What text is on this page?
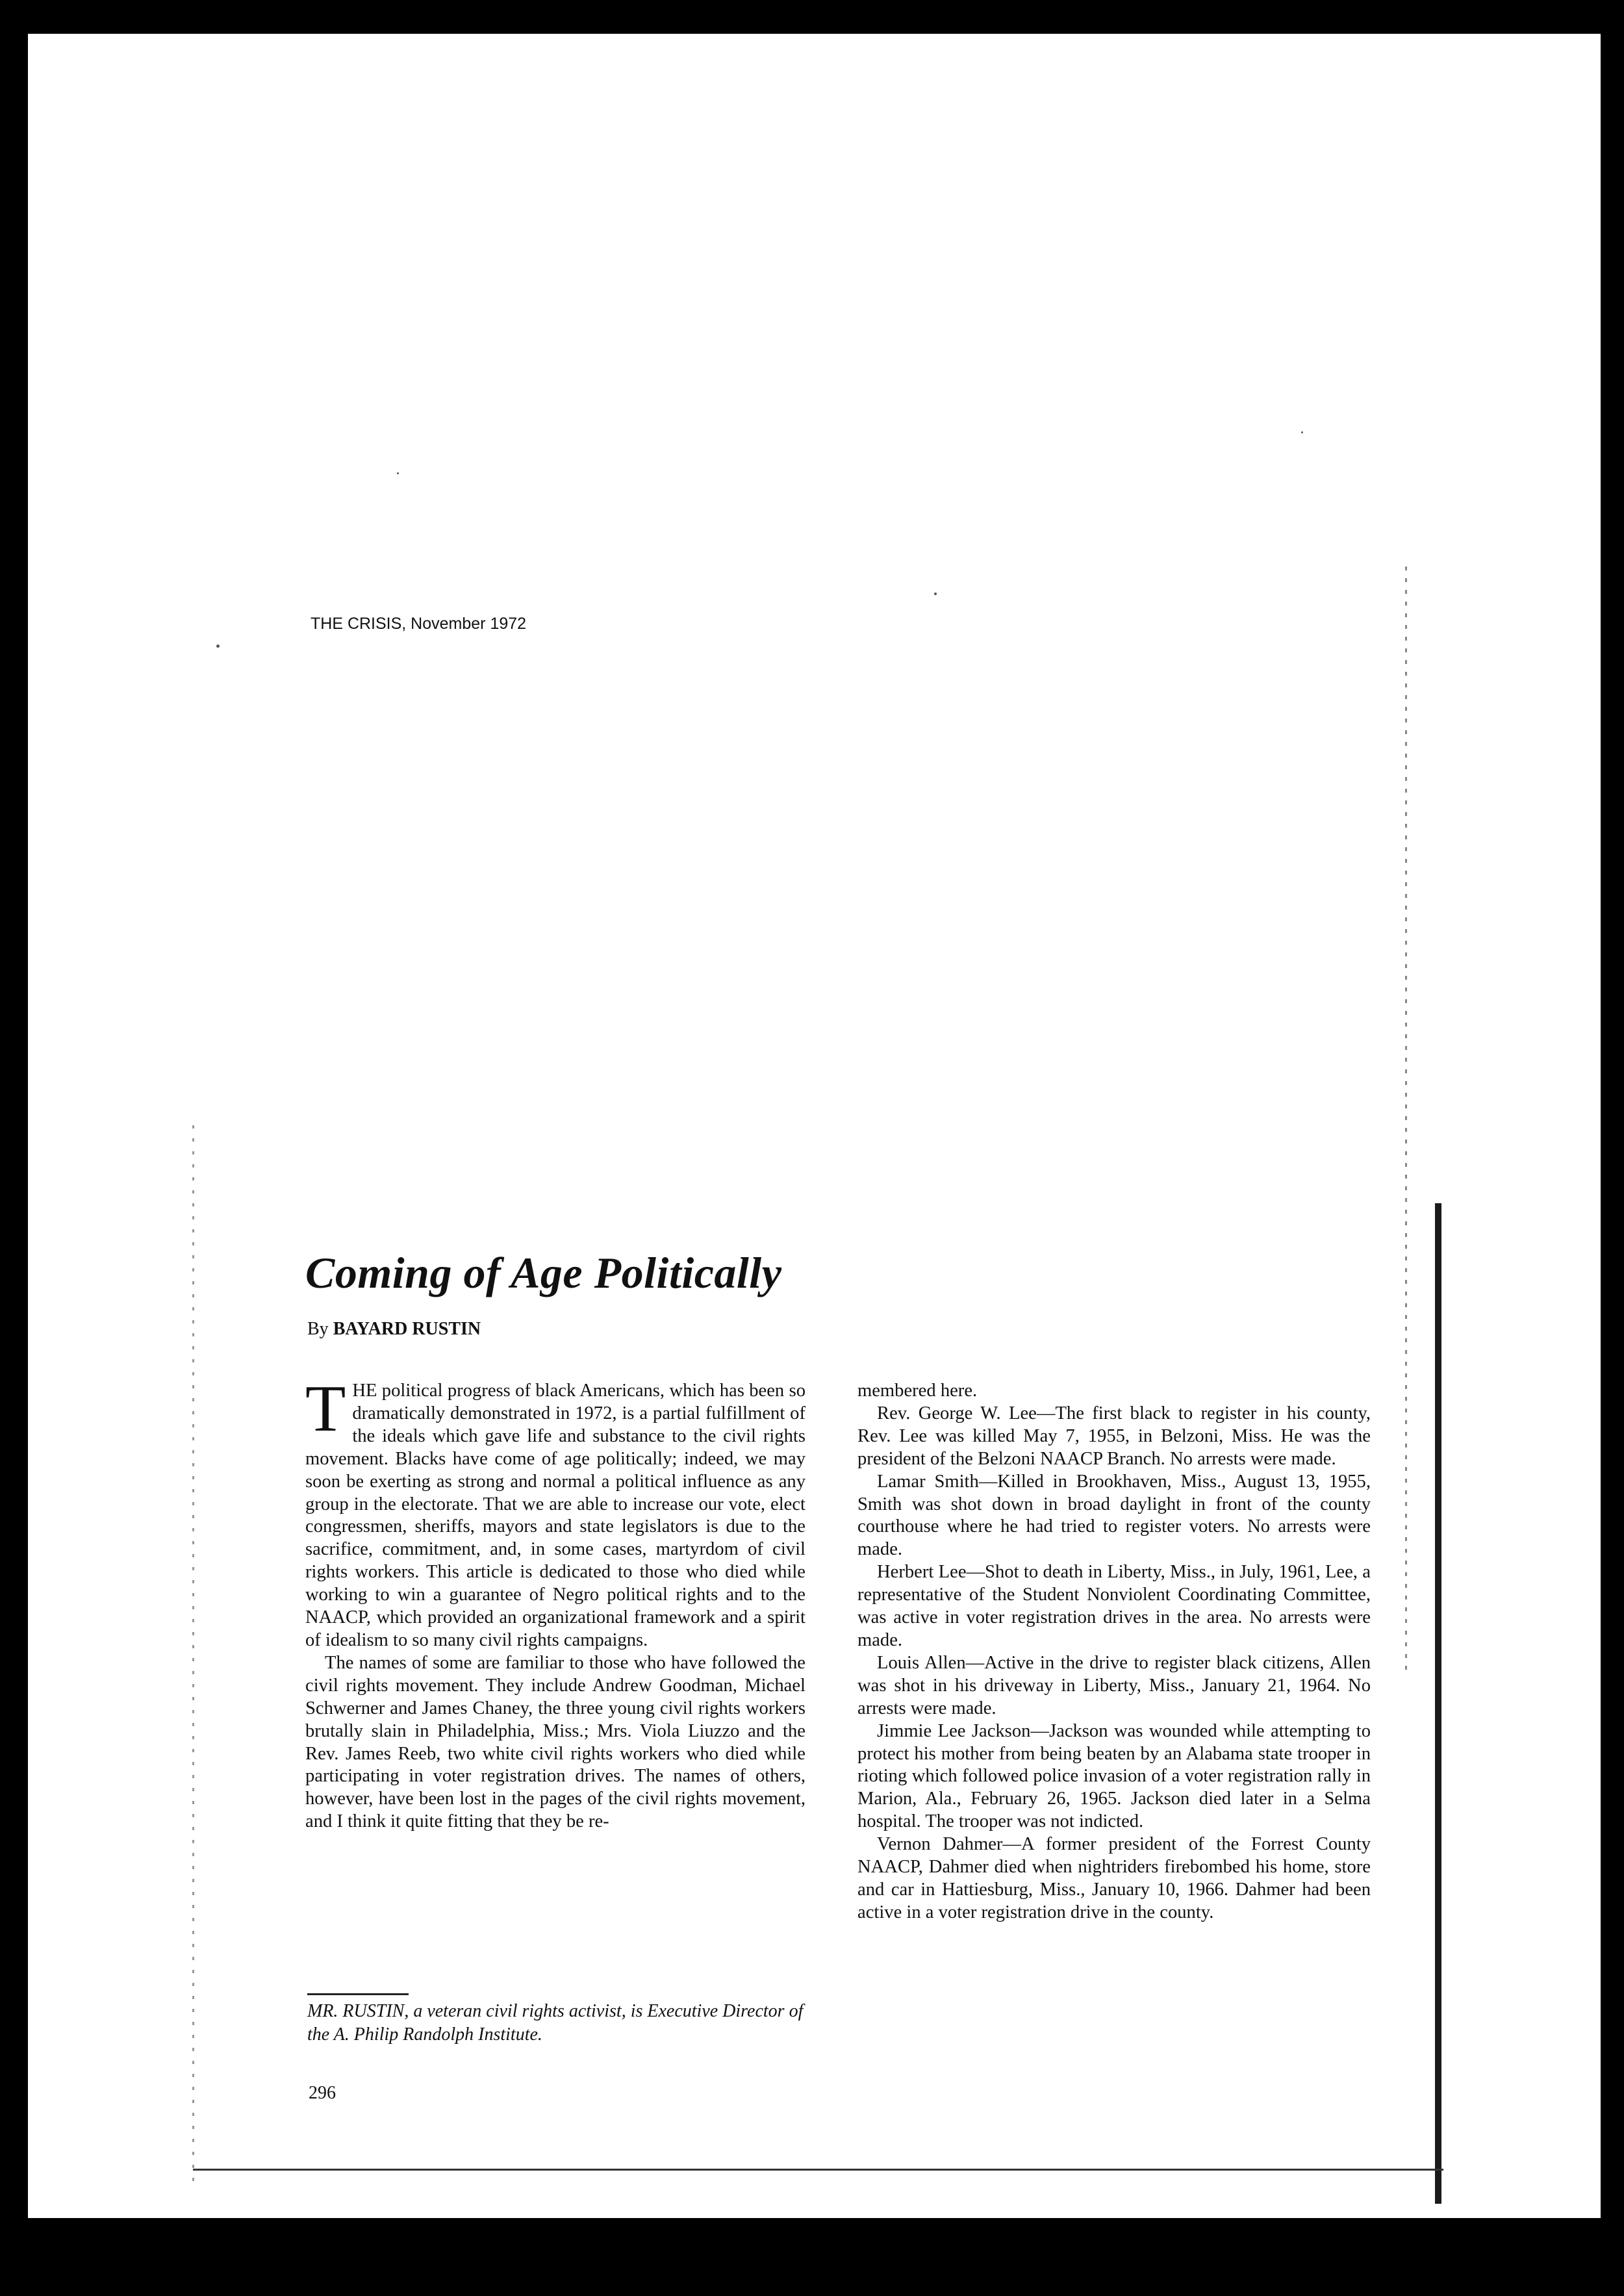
THE CRISIS, November 1972
Coming of Age Politically
By BAYARD RUSTIN

THE political progress of black Americans, which has been so dramatically demonstrated in 1972, is a partial fulfillment of the ideals which gave life and substance to the civil rights movement. Blacks have come of age politically; indeed, we may soon be exerting as strong and normal a political influence as any group in the electorate. That we are able to increase our vote, elect congressmen, sheriffs, mayors and state legislators is due to the sacrifice, commitment, and, in some cases, martyrdom of civil rights workers. This article is dedicated to those who died while working to win a guarantee of Negro political rights and to the NAACP, which provided an organizational framework and a spirit of idealism to so many civil rights campaigns.

The names of some are familiar to those who have followed the civil rights movement. They include Andrew Goodman, Michael Schwerner and James Chaney, the three young civil rights workers brutally slain in Philadelphia, Miss.; Mrs. Viola Liuzzo and the Rev. James Reeb, two white civil rights workers who died while participating in voter registration drives. The names of others, however, have been lost in the pages of the civil rights movement, and I think it quite fitting that they be re-

membered here.

Rev. George W. Lee—The first black to register in his county, Rev. Lee was killed May 7, 1955, in Belzoni, Miss. He was the president of the Belzoni NAACP Branch. No arrests were made.

Lamar Smith—Killed in Brookhaven, Miss., August 13, 1955, Smith was shot down in broad daylight in front of the county courthouse where he had tried to register voters. No arrests were made.

Herbert Lee—Shot to death in Liberty, Miss., in July, 1961, Lee, a representative of the Student Nonviolent Coordinating Committee, was active in voter registration drives in the area. No arrests were made.

Louis Allen—Active in the drive to register black citizens, Allen was shot in his driveway in Liberty, Miss., January 21, 1964. No arrests were made.

Jimmie Lee Jackson—Jackson was wounded while attempting to protect his mother from being beaten by an Alabama state trooper in rioting which followed police invasion of a voter registration rally in Marion, Ala., February 26, 1965. Jackson died later in a Selma hospital. The trooper was not indicted.

Vernon Dahmer—A former president of the Forrest County NAACP, Dahmer died when nightriders firebombed his home, store and car in Hattiesburg, Miss., January 10, 1966. Dahmer had been active in a voter registration drive in the county.

MR. RUSTIN, a veteran civil rights activist, is Executive Director of the A. Philip Randolph Institute.
296
